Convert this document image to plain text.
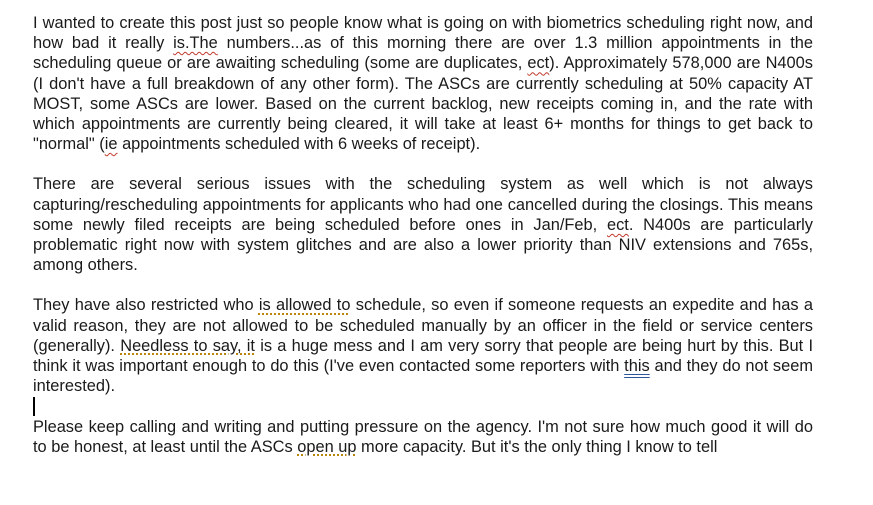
I wanted to create this post just so people know what is going on with biometrics scheduling right now, and how bad it really is.The numbers...as of this morning there are over 1.3 million appointments in the scheduling queue or are awaiting scheduling (some are duplicates, ect). Approximately 578,000 are N400s (I don't have a full breakdown of any other form). The ASCs are currently scheduling at 50% capacity AT MOST, some ASCs are lower. Based on the current backlog, new receipts coming in, and the rate with which appointments are currently being cleared, it will take at least 6+ months for things to get back to "normal" (ie appointments scheduled with 6 weeks of receipt).

There are several serious issues with the scheduling system as well which is not always capturing/rescheduling appointments for applicants who had one cancelled during the closings. This means some newly filed receipts are being scheduled before ones in Jan/Feb, ect. N400s are particularly problematic right now with system glitches and are also a lower priority than NIV extensions and 765s, among others.

They have also restricted who is allowed to schedule, so even if someone requests an expedite and has a valid reason, they are not allowed to be scheduled manually by an officer in the field or service centers (generally). Needless to say, it is a huge mess and I am very sorry that people are being hurt by this. But I think it was important enough to do this (I've even contacted some reporters with this and they do not seem interested).

Please keep calling and writing and putting pressure on the agency. I'm not sure how much good it will do to be honest, at least until the ASCs open up more capacity. But it's the only thing I know to tell
